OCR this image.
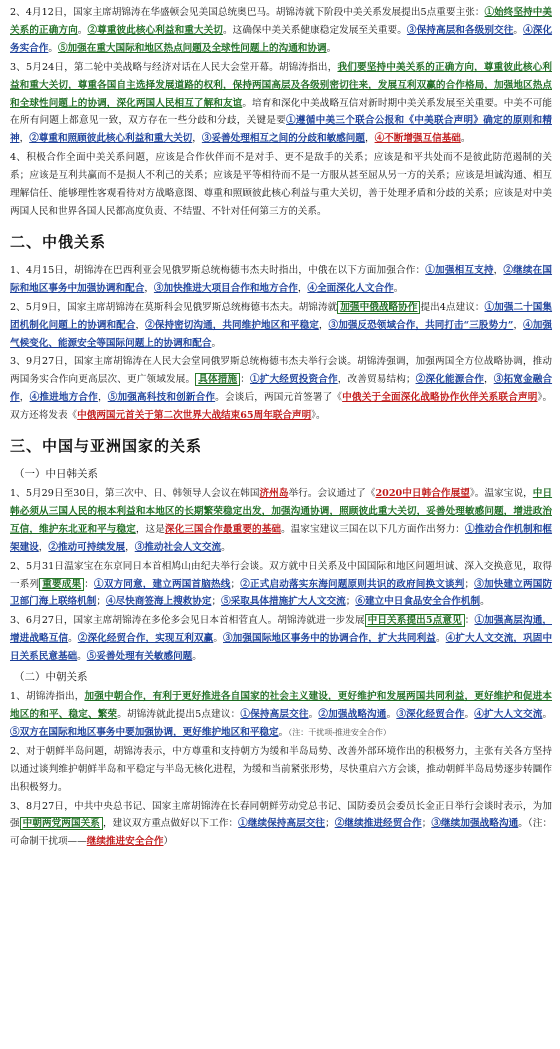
2、4月12日，国家主席胡锦涛在华盛顿会见美国总统奥巴马。胡锦涛就下阶段中美关系发展提出5点重要主张：①始终坚持中美关系的正确方向。②尊重彼此核心利益和重大关切。这确保中美关系健康稳定发展至关重要。③保持高层和各级别交往。④深化务实合作。⑤加强在重大国际和地区热点问题及全球性问题上的沟通和协调。

3、5月24日，第二轮中美战略与经济对话在人民大会堂开幕。胡锦涛指出，我们要坚持中美关系的正确方向，尊重彼此核心利益和重大关切，尊重各国自主选择发展道路的权利，保持两国高层及各级别密切往来，发展互利双赢的合作格局，加强地区热点和全球性问题上的协调，深化两国人民相互了解和友谊。培育和深化中美战略互信对新时期中美关系发展至关重要。中美不可能在所有问题上都意见一致，双方存在一些分歧和分歧，关键是要①遵循中美三个联合公报和《中美联合声明》确定的原则和精神，②尊重和照顾彼此核心利益和重大关切，③妥善处理相互之间的分歧和敏感问题，④不断增强互信基础。

4、积极合作全面中美关系问题，应该是合作伙伴而不是对手、更不是敌手的关系；应该是和平共处而不是彼此防范遏制的关系；应该是互利共赢而不是损人不利己的关系；应该是平等相待而不是一方服从甚至屈从另一方的关系；应该是坦诚沟通、相互理解信任、能够理性客观看待对方战略意图、尊重和照顾彼此核心利益与重大关切，善于处理矛盾和分歧的关系；应该是对中美两国人民和世界各国人民都高度负责、不结盟、不针对任何第三方的关系。

二、中俄关系

1、4月15日，胡锦涛在巴西利亚会见俄罗斯总统梅德韦杰夫时指出，中俄在以下方面加强合作：①加强相互支持，②继续在国际和地区事务中加强协调和配合，③加快推进大项目合作和地方合作，④全面深化人文合作。

2、5月9日，国家主席胡锦涛在莫斯科会见俄罗斯总统梅德韦杰夫。胡锦涛就 加强中俄战略协作 提出4点建议：①加强二十国集团机制化问题上的协调和配合，②保持密切沟通，共同维护地区和平稳定，③加强反恐领域合作，共同打击“三股势力”，④加强气候变化、能源安全等国际问题上的协调和配合。

3、9月27日，国家主席胡锦涛在人民大会堂同俄罗斯总统梅德韦杰夫举行会谈。胡锦涛强调，加强两国全方位战略协调，推动两国务实合作向更高层次、更广领域发展。 具体措施 ：①扩大经贸投资合作，改善贸易结构；②深化能源合作，③拓宽金融合作，④推进地方合作，⑤加强高科技和创新合作。会谈后，两国元首签署了《中俄关于全面深化战略协作伙伴关系联合声明》。双方还将发表《中俄两国元首关于第二次世界大战结束65周年联合声明》。

三、中国与亚洲国家的关系
（一）中日韩关系

1、5月29日至30日，第三次中、日、韩领导人会议在韩国济州岛举行。会议通过了《2020中日韩合作展望》。温家宝说，中日韩必须从三国人民的根本利益和本地区的长期繁荣稳定出发，加强沟通协调，照顾彼此重大关切，妥善处理敏感问题，增进政治互信，维护东北亚和平与稳定，这是深化三国合作最重要的基础。温家宝建议三国在以下几方面作出努力：①推动合作机制和框架建设，②推动可持续发展，③推动社会人文交流。

2、5月31日温家宝在东京同日本首相鸠山由纪夫举行会谈。双方就中日关系及中国国际和地区问题坦诚、深入交换意见，取得一系列 重要成果 ：①双方同意，建立两国首脑热线；②正式启动落实东海问题原则共识的政府间换文谈判；③加快建立两国防卫部门海上联络机制；④尽快商签海上搜救协定；⑤采取具体措施扩大人文交流；⑥建立中日食品安全合作机制。

3、6月27日，国家主席胡锦涛在多伦多会见日本首相菅直人。胡锦涛就进一步发展 中日关系提出5点意见 ：①加强高层沟通，增进战略互信。②深化经贸合作，实现互利双赢。③加强国际地区事务中的协调合作，扩大共同利益。④扩大人文交流，巩固中日关系民意基础。⑤妥善处理有关敏感问题。

（二）中朝关系

1、胡锦涛指出，加强中朝合作，有利于更好推进各自国家的社会主义建设，更好维护和发展两国共同利益，更好维护和促进本地区的和平、稳定、繁荣。胡锦涛就此提出5点建议：①保持高层交往。②加强战略沟通。③深化经贸合作。④扩大人文交流。⑤双方在国际和地区事务中要加强协调，更好维护地区和平稳定。（注：干扰项-推进安全合作）

2、对于朝鲜半岛问题，胡锦涛表示，中方尊重和支持朝方为缓和半岛局势、改善外部环境作出的积极努力，主张有关各方坚持以通过谈判维护朝鲜半岛和平稳定与半岛无核化进程，为缓和当前紧张形势，尽快重启六方会谈，推动朝鲜半岛局势逐步转圜作出积极努力。

3、8月27日，中共中央总书记、国家主席胡锦涛在长春同朝鲜劳动党总书记、国防委员会委员长金正日举行会谈时表示，为加强 中朝两党两国关系 ，建议双方重点做好以下工作：①继续保持高层交往；②继续推进经贸合作；③继续加强战略沟通。（注：可命制干扰项——继续推进安全合作）
